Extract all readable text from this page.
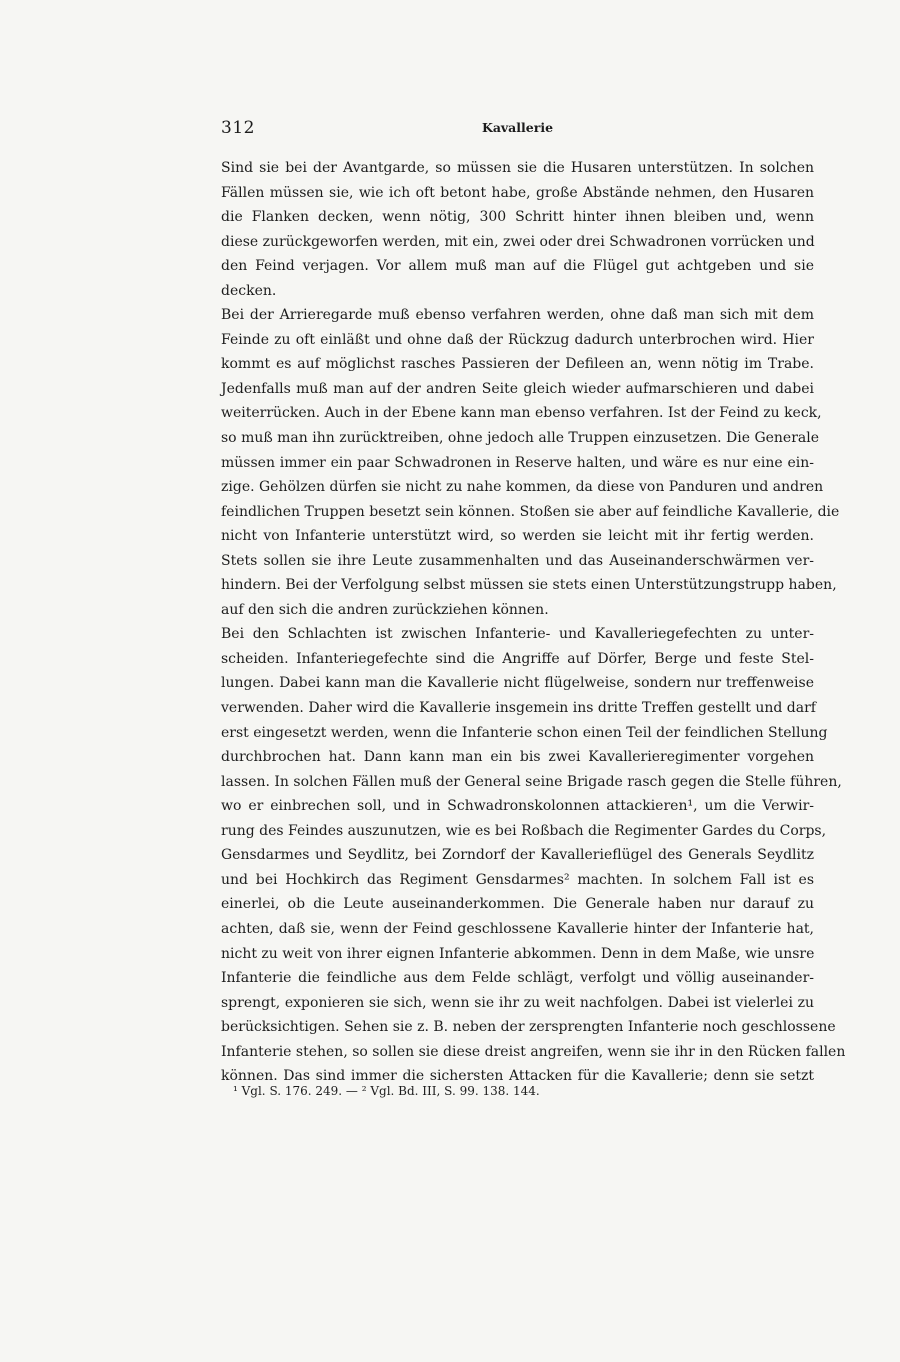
312	Kavallerie
Sind sie bei der Avantgarde, so müssen sie die Husaren unterstützen. In solchen
Fällen müssen sie, wie ich oft betont habe, große Abstände nehmen, den Husaren
die Flanken decken, wenn nötig, 300 Schritt hinter ihnen bleiben und, wenn
diese zurückgeworfen werden, mit ein, zwei oder drei Schwadronen vorrücken und
den Feind verjagen. Vor allem muß man auf die Flügel gut achtgeben und sie
decken.
Bei der Arrieregarde muß ebenso verfahren werden, ohne daß man sich mit dem
Feinde zu oft einläßt und ohne daß der Rückzug dadurch unterbrochen wird. Hier
kommt es auf möglichst rasches Passieren der Defileen an, wenn nötig im Trabe.
Jedenfalls muß man auf der andren Seite gleich wieder aufmarschieren und dabei
weiterrücken. Auch in der Ebene kann man ebenso verfahren. Ist der Feind zu keck,
so muß man ihn zurücktreiben, ohne jedoch alle Truppen einzusetzen. Die Generale
müssen immer ein paar Schwadronen in Reserve halten, und wäre es nur eine ein-
zige. Gehölzen dürfen sie nicht zu nahe kommen, da diese von Panduren und andren
feindlichen Truppen besetzt sein können. Stoßen sie aber auf feindliche Kavallerie, die
nicht von Infanterie unterstützt wird, so werden sie leicht mit ihr fertig werden.
Stets sollen sie ihre Leute zusammenhalten und das Auseinanderschwärmen ver-
hindern. Bei der Verfolgung selbst müssen sie stets einen Unterstützungstrupp haben,
auf den sich die andren zurückziehen können.
Bei den Schlachten ist zwischen Infanterie- und Kavalleriegefechten zu unter-
scheiden. Infanteriegefechte sind die Angriffe auf Dörfer, Berge und feste Stel-
lungen. Dabei kann man die Kavallerie nicht flügelweise, sondern nur treffenweise
verwenden. Daher wird die Kavallerie insgemein ins dritte Treffen gestellt und darf
erst eingesetzt werden, wenn die Infanterie schon einen Teil der feindlichen Stellung
durchbrochen hat. Dann kann man ein bis zwei Kavallerieregimenter vorgehen
lassen. In solchen Fällen muß der General seine Brigade rasch gegen die Stelle führen,
wo er einbrechen soll, und in Schwadronskolonnen attackieren¹, um die Verwir-
rung des Feindes auszunutzen, wie es bei Roßbach die Regimenter Gardes du Corps,
Gensdarmes und Seydlitz, bei Zorndorf der Kavallerieflügel des Generals Seydlitz
und bei Hochkirch das Regiment Gensdarmes² machten. In solchem Fall ist es
einerlei, ob die Leute auseinanderkommen. Die Generale haben nur darauf zu
achten, daß sie, wenn der Feind geschlossene Kavallerie hinter der Infanterie hat,
nicht zu weit von ihrer eignen Infanterie abkommen. Denn in dem Maße, wie unsre
Infanterie die feindliche aus dem Felde schlägt, verfolgt und völlig auseinander-
sprengt, exponieren sie sich, wenn sie ihr zu weit nachfolgen. Dabei ist vielerlei zu
berücksichtigen. Sehen sie z. B. neben der zersprengten Infanterie noch geschlossene
Infanterie stehen, so sollen sie diese dreist angreifen, wenn sie ihr in den Rücken fallen
können. Das sind immer die sichersten Attacken für die Kavallerie; denn sie setzt
¹ Vgl. S. 176. 249. — ² Vgl. Bd. III, S. 99. 138. 144.
